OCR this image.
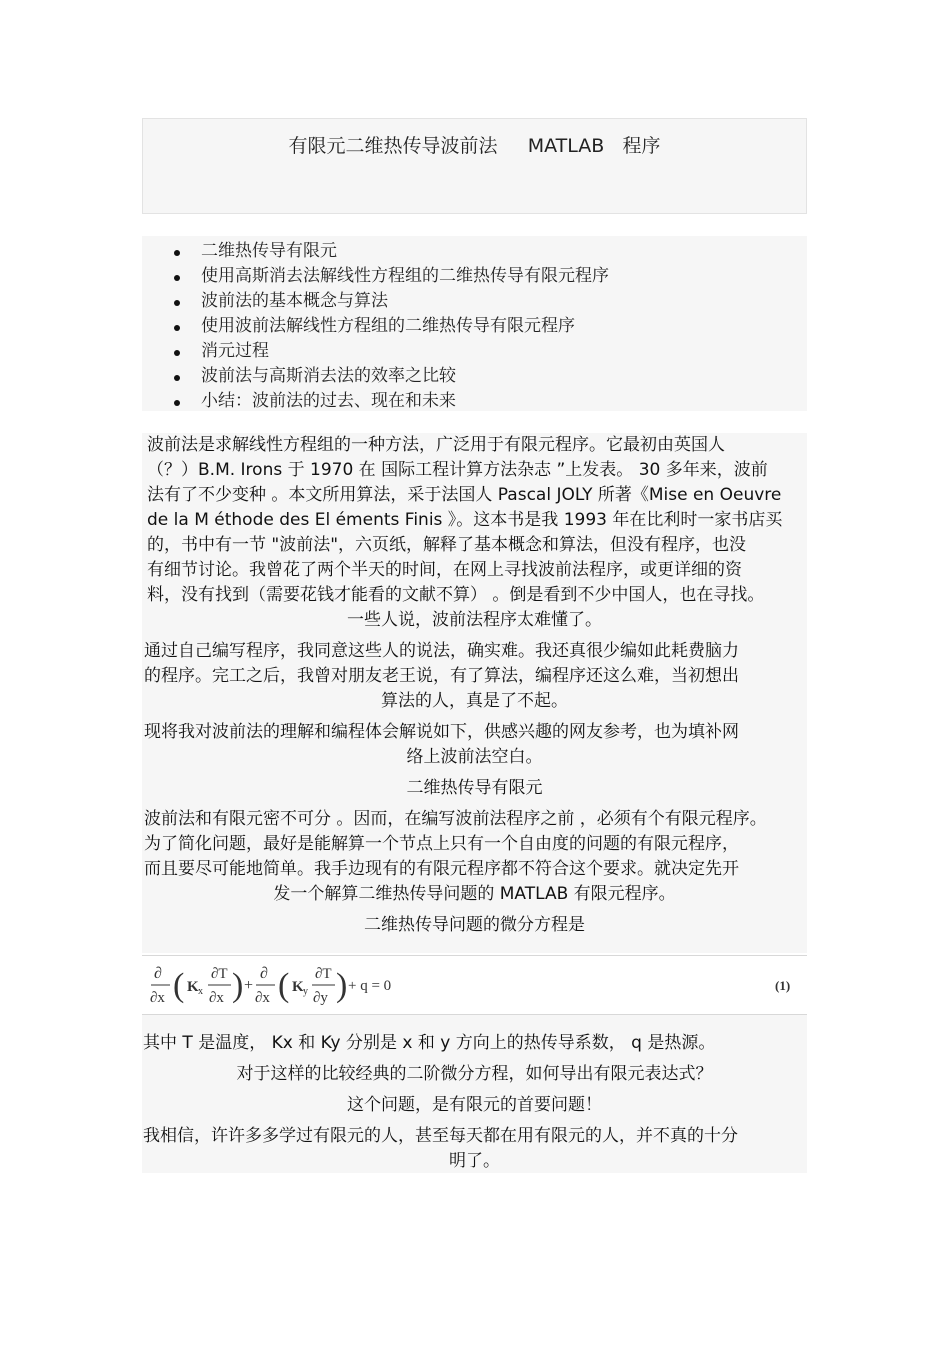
有限元二维热传导波前法     MATLAB   程序
二维热传导有限元
使用高斯消去法解线性方程组的二维热传导有限元程序
波前法的基本概念与算法
使用波前法解线性方程组的二维热传导有限元程序
消元过程
波前法与高斯消去法的效率之比较
小结：波前法的过去、现在和未来

波前法是求解线性方程组的一种方法，广泛用于有限元程序。它最初由英国人

（？）B.M. Irons 于 1970 在 国际工程计算方法杂志 ”上发表。 30 多年来，波前

法有了不少变种 。本文所用算法，采于法国人 Pascal JOLY 所著《Mise en Oeuvre

de la M éthode des El éments Finis 》。这本书是我 1993 年在比利时一家书店买

的，书中有一节 "波前法"，六页纸，解释了基本概念和算法，但没有程序，也没

有细节讨论。我曾花了两个半天的时间，在网上寻找波前法程序，或更详细的资

料，没有找到（需要花钱才能看的文献不算） 。倒是看到不少中国人，也在寻找。

一些人说，波前法程序太难懂了。

通过自己编写程序，我同意这些人的说法，确实难。我还真很少编如此耗费脑力

的程序。完工之后，我曾对朋友老王说，有了算法，编程序还这么难，当初想出

算法的人，真是了不起。

现将我对波前法的理解和编程体会解说如下，供感兴趣的网友参考，也为填补网

络上波前法空白。

二维热传导有限元

波前法和有限元密不可分 。因而，在编写波前法程序之前 ，必须有个有限元程序。

为了简化问题，最好是能解算一个节点上只有一个自由度的问题的有限元程序，

而且要尽可能地简单。我手边现有的有限元程序都不符合这个要求。就决定先开

发一个解算二维热传导问题的 MATLAB 有限元程序。

二维热传导问题的微分方程是

∂
∂x ( K x
∂T
∂x ) +
∂
∂x ( K y
∂T
∂y ) + q = 0	(1)

其中 T 是温度， Kx 和 Ky 分别是 x 和 y 方向上的热传导系数， q 是热源。

对于这样的比较经典的二阶微分方程，如何导出有限元表达式？

这个问题，是有限元的首要问题！

我相信，许许多多学过有限元的人，甚至每天都在用有限元的人，并不真的十分

明了。
